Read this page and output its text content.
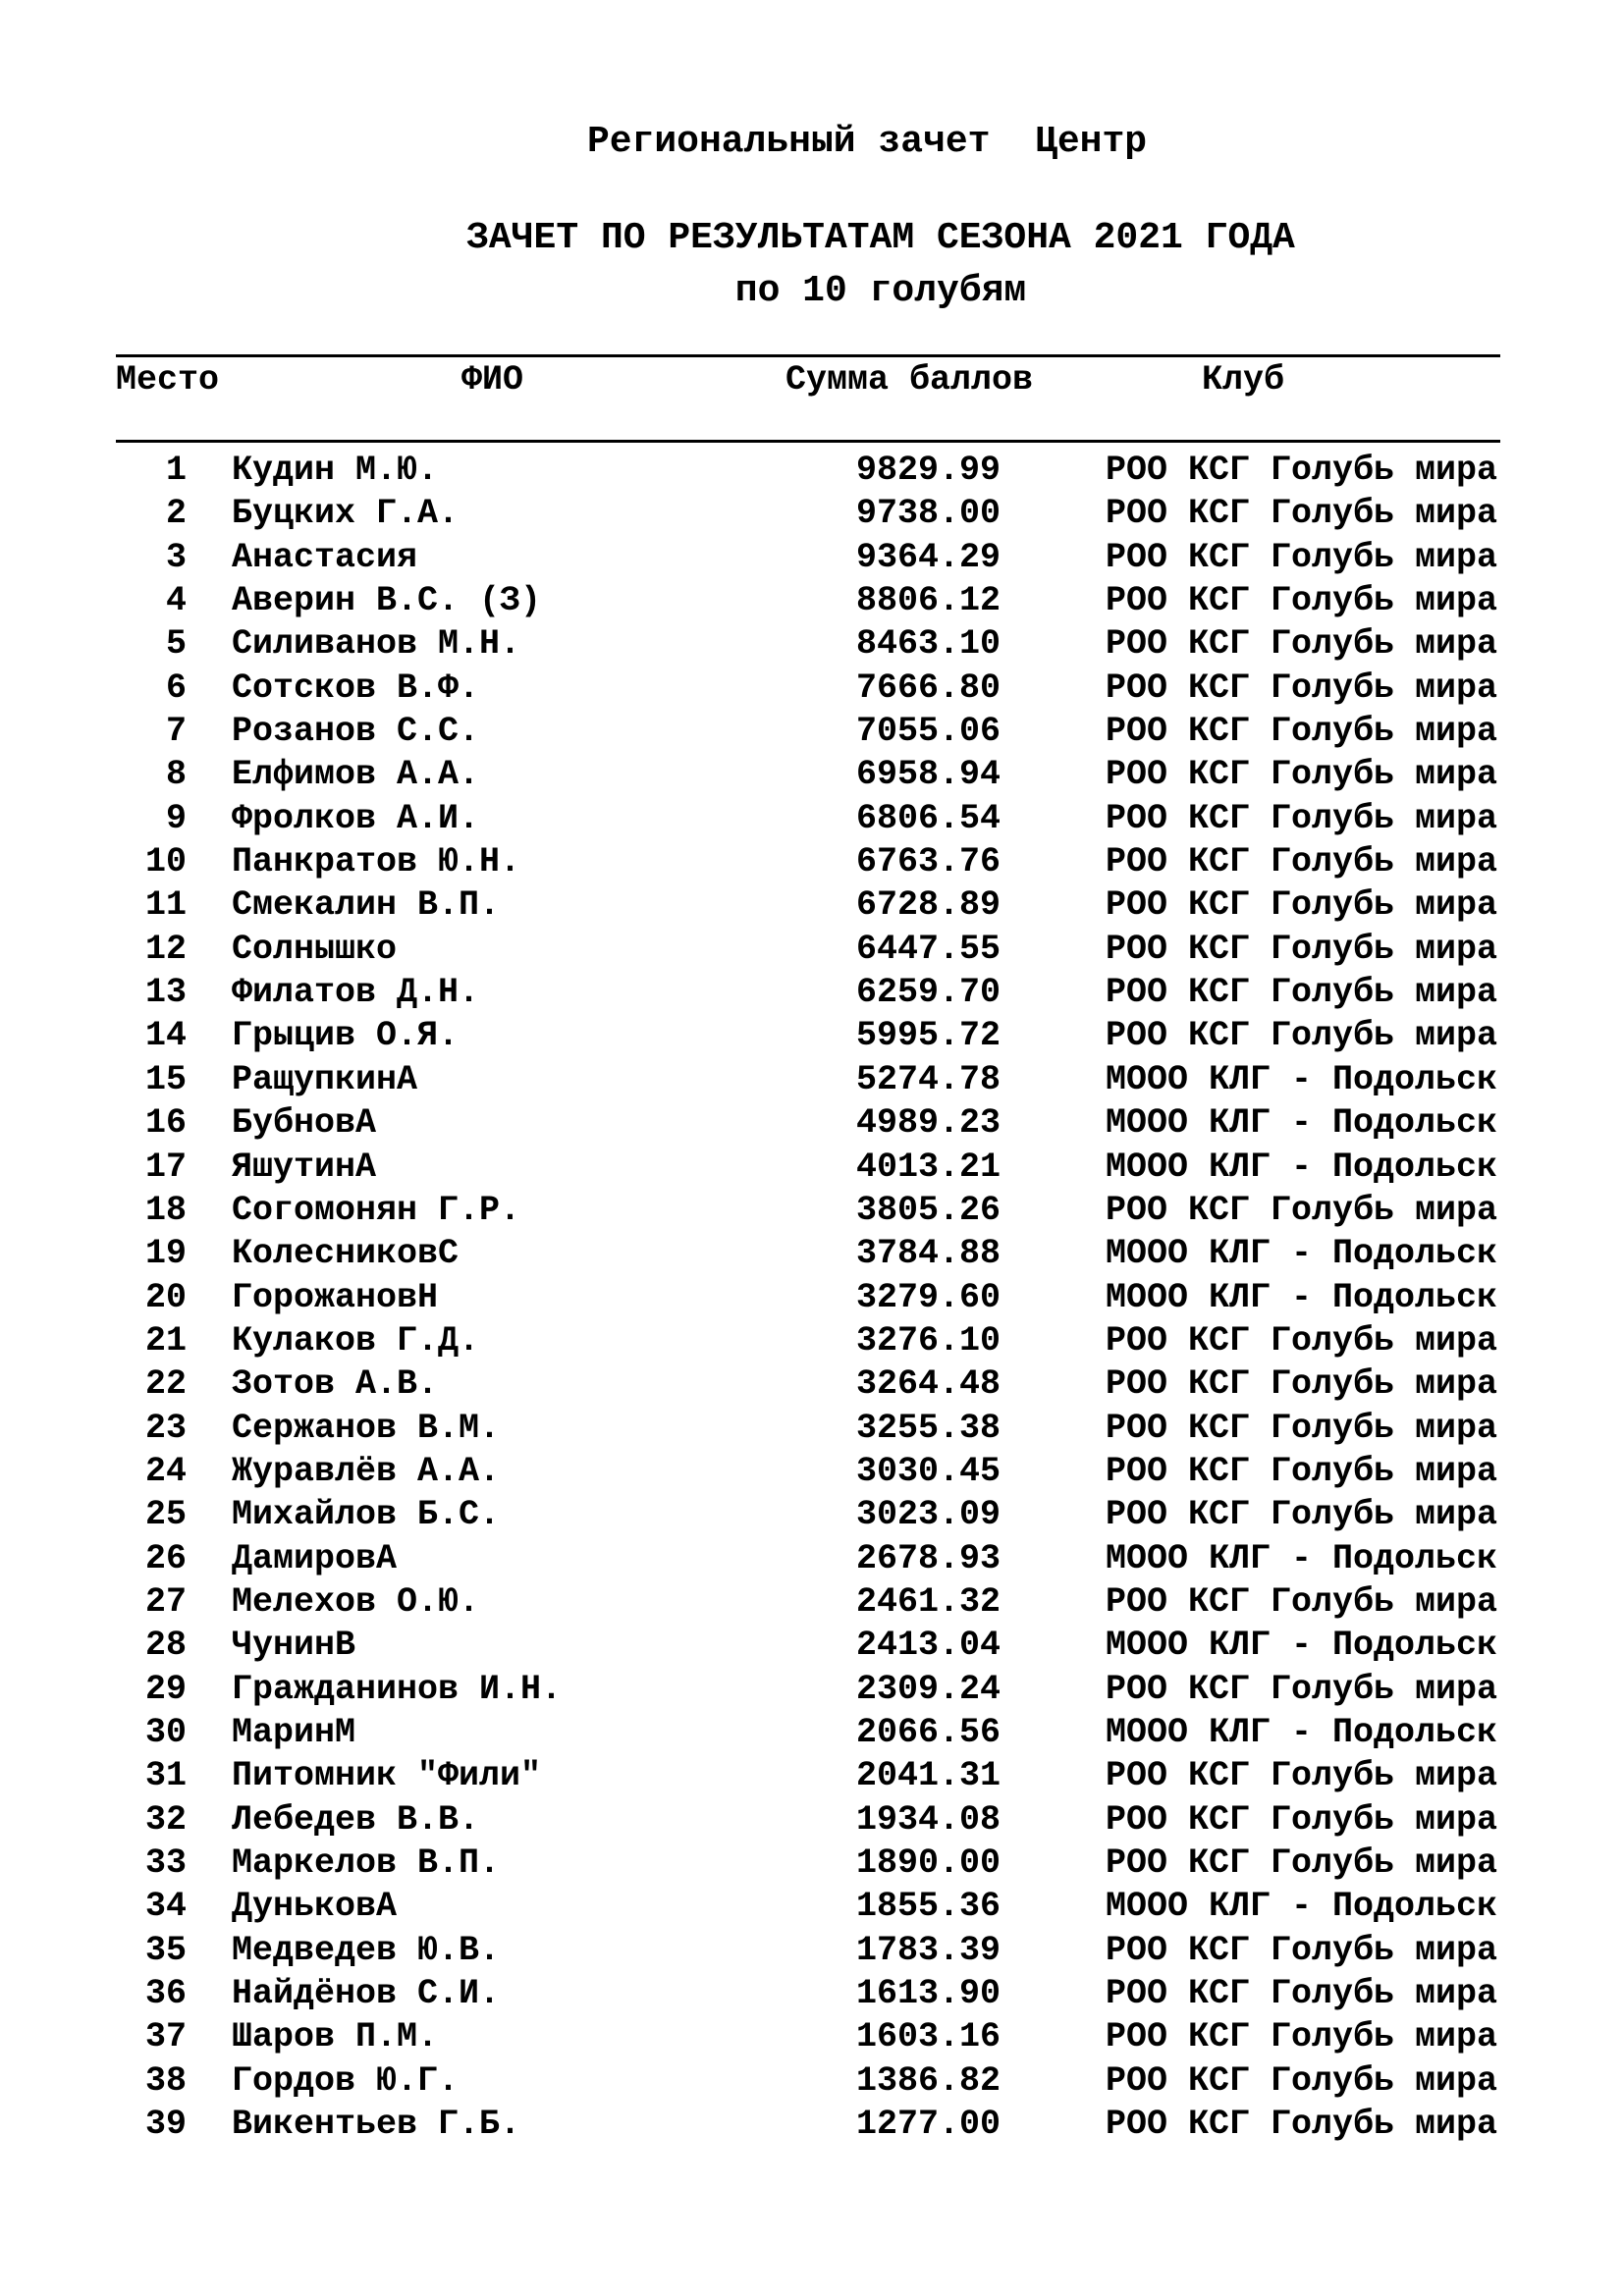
Региональный зачет  Центр
ЗАЧЕТ ПО РЕЗУЛЬТАТАМ СЕЗОНА 2021 ГОДА
по 10 голубям
Место	ФИО	Сумма баллов	Клуб
1 Кудин М.Ю.	9829.99	РОО КСГ Голубь мира
2 Буцких Г.А.	9738.00	РОО КСГ Голубь мира
3 Анастасия	9364.29	РОО КСГ Голубь мира
4 Аверин В.С. (З)	8806.12	РОО КСГ Голубь мира
5 Силиванов М.Н.	8463.10	РОО КСГ Голубь мира
6 Сотсков В.Ф.	7666.80	РОО КСГ Голубь мира
7 Розанов С.С.	7055.06	РОО КСГ Голубь мира
8 Елфимов А.А.	6958.94	РОО КСГ Голубь мира
9 Фролков А.И.	6806.54	РОО КСГ Голубь мира
10 Панкратов Ю.Н.	6763.76	РОО КСГ Голубь мира
11 Смекалин В.П.	6728.89	РОО КСГ Голубь мира
12 Солнышко	6447.55	РОО КСГ Голубь мира
13 Филатов Д.Н.	6259.70	РОО КСГ Голубь мира
14 Грыцив О.Я.	5995.72	РОО КСГ Голубь мира
15 РащупкинА	5274.78	МООО КЛГ - Подольск
16 БубновА	4989.23	МООО КЛГ - Подольск
17 ЯшутинА	4013.21	МООО КЛГ - Подольск
18 Согомонян Г.Р.	3805.26	РОО КСГ Голубь мира
19 КолесниковС	3784.88	МООО КЛГ - Подольск
20 ГорожановН	3279.60	МООО КЛГ - Подольск
21 Кулаков Г.Д.	3276.10	РОО КСГ Голубь мира
22 Зотов А.В.	3264.48	РОО КСГ Голубь мира
23 Сержанов В.М.	3255.38	РОО КСГ Голубь мира
24 Журавлёв А.А.	3030.45	РОО КСГ Голубь мира
25 Михайлов Б.С.	3023.09	РОО КСГ Голубь мира
26 ДамировА	2678.93	МООО КЛГ - Подольск
27 Мелехов О.Ю.	2461.32	РОО КСГ Голубь мира
28 ЧунинВ	2413.04	МООО КЛГ - Подольск
29 Гражданинов И.Н.	2309.24	РОО КСГ Голубь мира
30 МаринМ	2066.56	МООО КЛГ - Подольск
31 Питомник "Фили"	2041.31	РОО КСГ Голубь мира
32 Лебедев В.В.	1934.08	РОО КСГ Голубь мира
33 Маркелов В.П.	1890.00	РОО КСГ Голубь мира
34 ДуньковА	1855.36	МООО КЛГ - Подольск
35 Медведев Ю.В.	1783.39	РОО КСГ Голубь мира
36 Найдёнов С.И.	1613.90	РОО КСГ Голубь мира
37 Шаров П.М.	1603.16	РОО КСГ Голубь мира
38 Гордов Ю.Г.	1386.82	РОО КСГ Голубь мира
39 Викентьев Г.Б.	1277.00	РОО КСГ Голубь мира
